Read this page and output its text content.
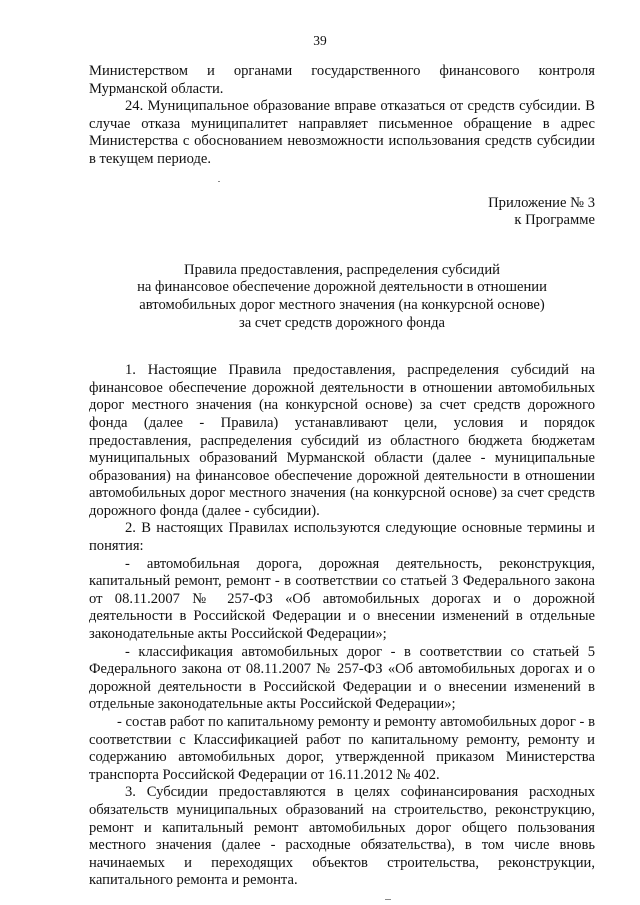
39

Министерством и органами государственного финансового контроля Мурманской области.

24. Муниципальное образование вправе отказаться от средств субсидии. В случае отказа муниципалитет направляет письменное обращение в адрес Министерства с обоснованием невозможности использования средств субсидии в текущем периоде.

Приложение № 3
к Программе
Правила предоставления, распределения субсидий
на финансовое обеспечение дорожной деятельности в отношении
автомобильных дорог местного значения (на конкурсной основе)
за счет средств дорожного фонда

1. Настоящие Правила предоставления, распределения субсидий на финансовое обеспечение дорожной деятельности в отношении автомобильных дорог местного значения (на конкурсной основе) за счет средств дорожного фонда (далее - Правила) устанавливают цели, условия и порядок предоставления, распределения субсидий из областного бюджета бюджетам муниципальных образований Мурманской области (далее - муниципальные образования) на финансовое обеспечение дорожной деятельности в отношении автомобильных дорог местного значения (на конкурсной основе) за счет средств дорожного фонда (далее - субсидии).

2. В настоящих Правилах используются следующие основные термины и понятия:

- автомобильная дорога, дорожная деятельность, реконструкция, капитальный ремонт, ремонт - в соответствии со статьей 3 Федерального закона от 08.11.2007 № 257-ФЗ «Об автомобильных дорогах и о дорожной деятельности в Российской Федерации и о внесении изменений в отдельные законодательные акты Российской Федерации»;

- классификация автомобильных дорог - в соответствии со статьей 5 Федерального закона от 08.11.2007 № 257-ФЗ «Об автомобильных дорогах и о дорожной деятельности в Российской Федерации и о внесении изменений в отдельные законодательные акты Российской Федерации»;

- состав работ по капитальному ремонту и ремонту автомобильных дорог - в соответствии с Классификацией работ по капитальному ремонту, ремонту и содержанию автомобильных дорог, утвержденной приказом Министерства транспорта Российской Федерации от 16.11.2012 № 402.

3. Субсидии предоставляются в целях софинансирования расходных обязательств муниципальных образований на строительство, реконструкцию, ремонт и капитальный ремонт автомобильных дорог общего пользования местного значения (далее - расходные обязательства), в том числе вновь начинаемых и переходящих объектов строительства, реконструкции, капитального ремонта и ремонта.
